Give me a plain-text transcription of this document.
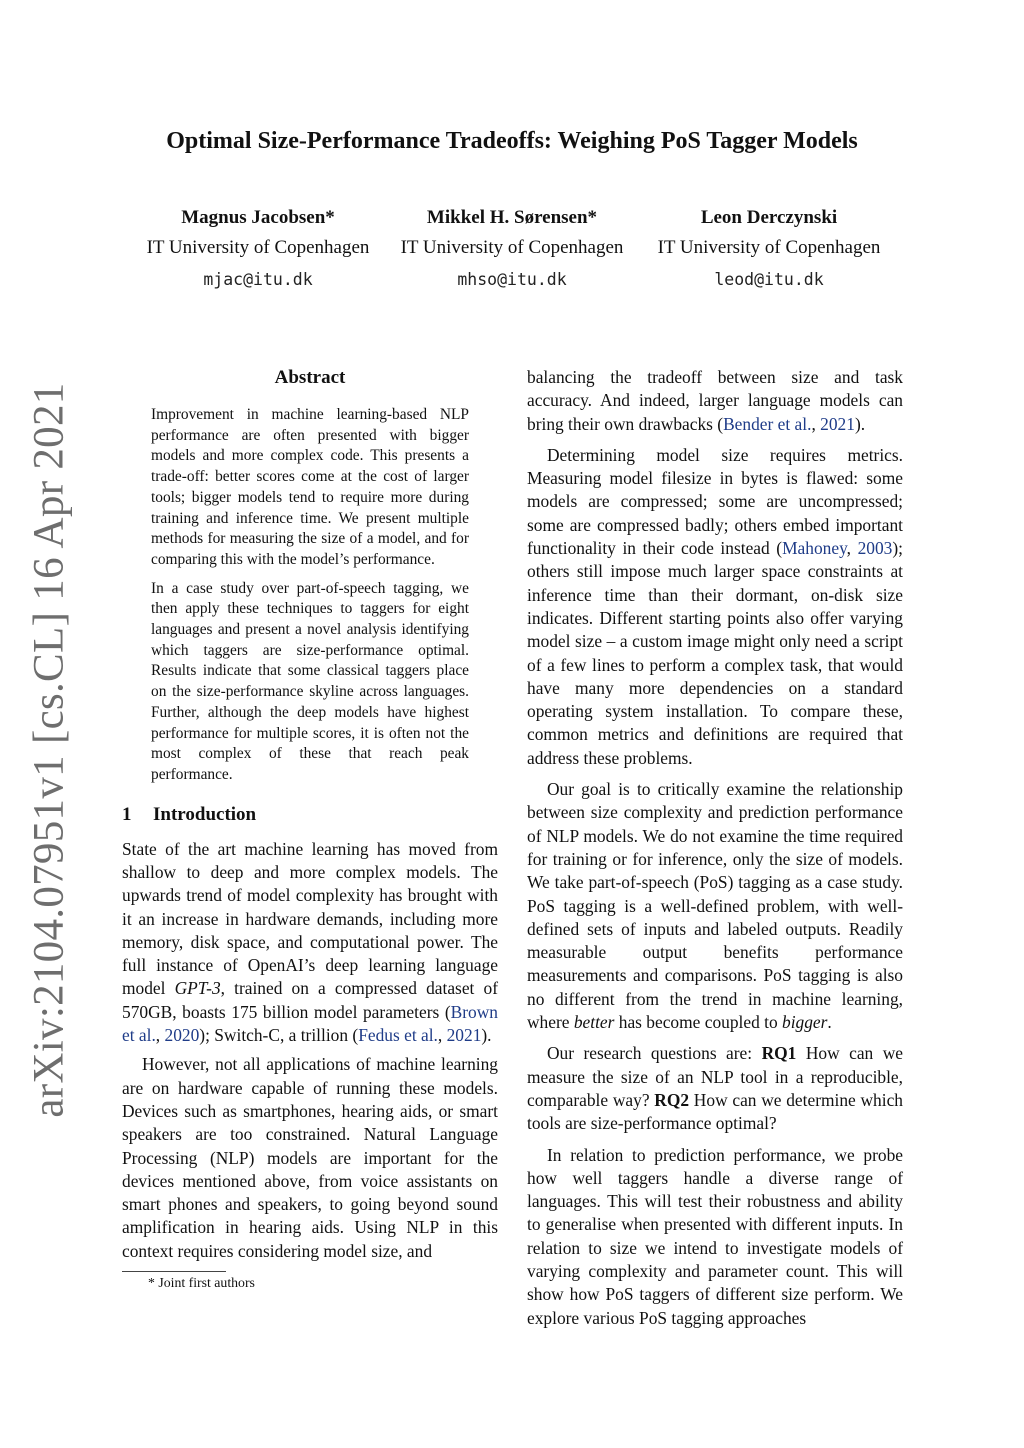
arXiv:2104.07951v1 [cs.CL] 16 Apr 2021
Optimal Size-Performance Tradeoffs: Weighing PoS Tagger Models
Magnus Jacobsen*
IT University of Copenhagen
mjac@itu.dk
Mikkel H. Sørensen*
IT University of Copenhagen
mhso@itu.dk
Leon Derczynski
IT University of Copenhagen
leod@itu.dk

Abstract

Improvement in machine learning-based NLP performance are often presented with bigger models and more complex code. This presents a trade-off: better scores come at the cost of larger tools; bigger models tend to require more during training and inference time. We present multiple methods for measuring the size of a model, and for comparing this with the model’s performance.

In a case study over part-of-speech tagging, we then apply these techniques to taggers for eight languages and present a novel analysis identifying which taggers are size-performance optimal. Results indicate that some classical taggers place on the size-performance skyline across languages. Further, although the deep models have highest performance for multiple scores, it is often not the most complex of these that reach peak performance.

1 Introduction

State of the art machine learning has moved from shallow to deep and more complex models. The upwards trend of model complexity has brought with it an increase in hardware demands, including more memory, disk space, and computational power. The full instance of OpenAI’s deep learning language model GPT-3, trained on a compressed dataset of 570GB, boasts 175 billion model parameters (Brown et al., 2020); Switch-C, a trillion (Fedus et al., 2021).

However, not all applications of machine learning are on hardware capable of running these models. Devices such as smartphones, hearing aids, or smart speakers are too constrained. Natural Language Processing (NLP) models are important for the devices mentioned above, from voice assistants on smart phones and speakers, to going beyond sound amplification in hearing aids. Using NLP in this context requires considering model size, and

* Joint first authors

balancing the tradeoff between size and task accuracy. And indeed, larger language models can bring their own drawbacks (Bender et al., 2021).

Determining model size requires metrics. Measuring model filesize in bytes is flawed: some models are compressed; some are uncompressed; some are compressed badly; others embed important functionality in their code instead (Mahoney, 2003); others still impose much larger space constraints at inference time than their dormant, on-disk size indicates. Different starting points also offer varying model size – a custom image might only need a script of a few lines to perform a complex task, that would have many more dependencies on a standard operating system installation. To compare these, common metrics and definitions are required that address these problems.

Our goal is to critically examine the relationship between size complexity and prediction performance of NLP models. We do not examine the time required for training or for inference, only the size of models. We take part-of-speech (PoS) tagging as a case study. PoS tagging is a well-defined problem, with well-defined sets of inputs and labeled outputs. Readily measurable output benefits performance measurements and comparisons. PoS tagging is also no different from the trend in machine learning, where better has become coupled to bigger.

Our research questions are: RQ1 How can we measure the size of an NLP tool in a reproducible, comparable way? RQ2 How can we determine which tools are size-performance optimal?

In relation to prediction performance, we probe how well taggers handle a diverse range of languages. This will test their robustness and ability to generalise when presented with different inputs. In relation to size we intend to investigate models of varying complexity and parameter count. This will show how PoS taggers of different size perform. We explore various PoS tagging approaches
